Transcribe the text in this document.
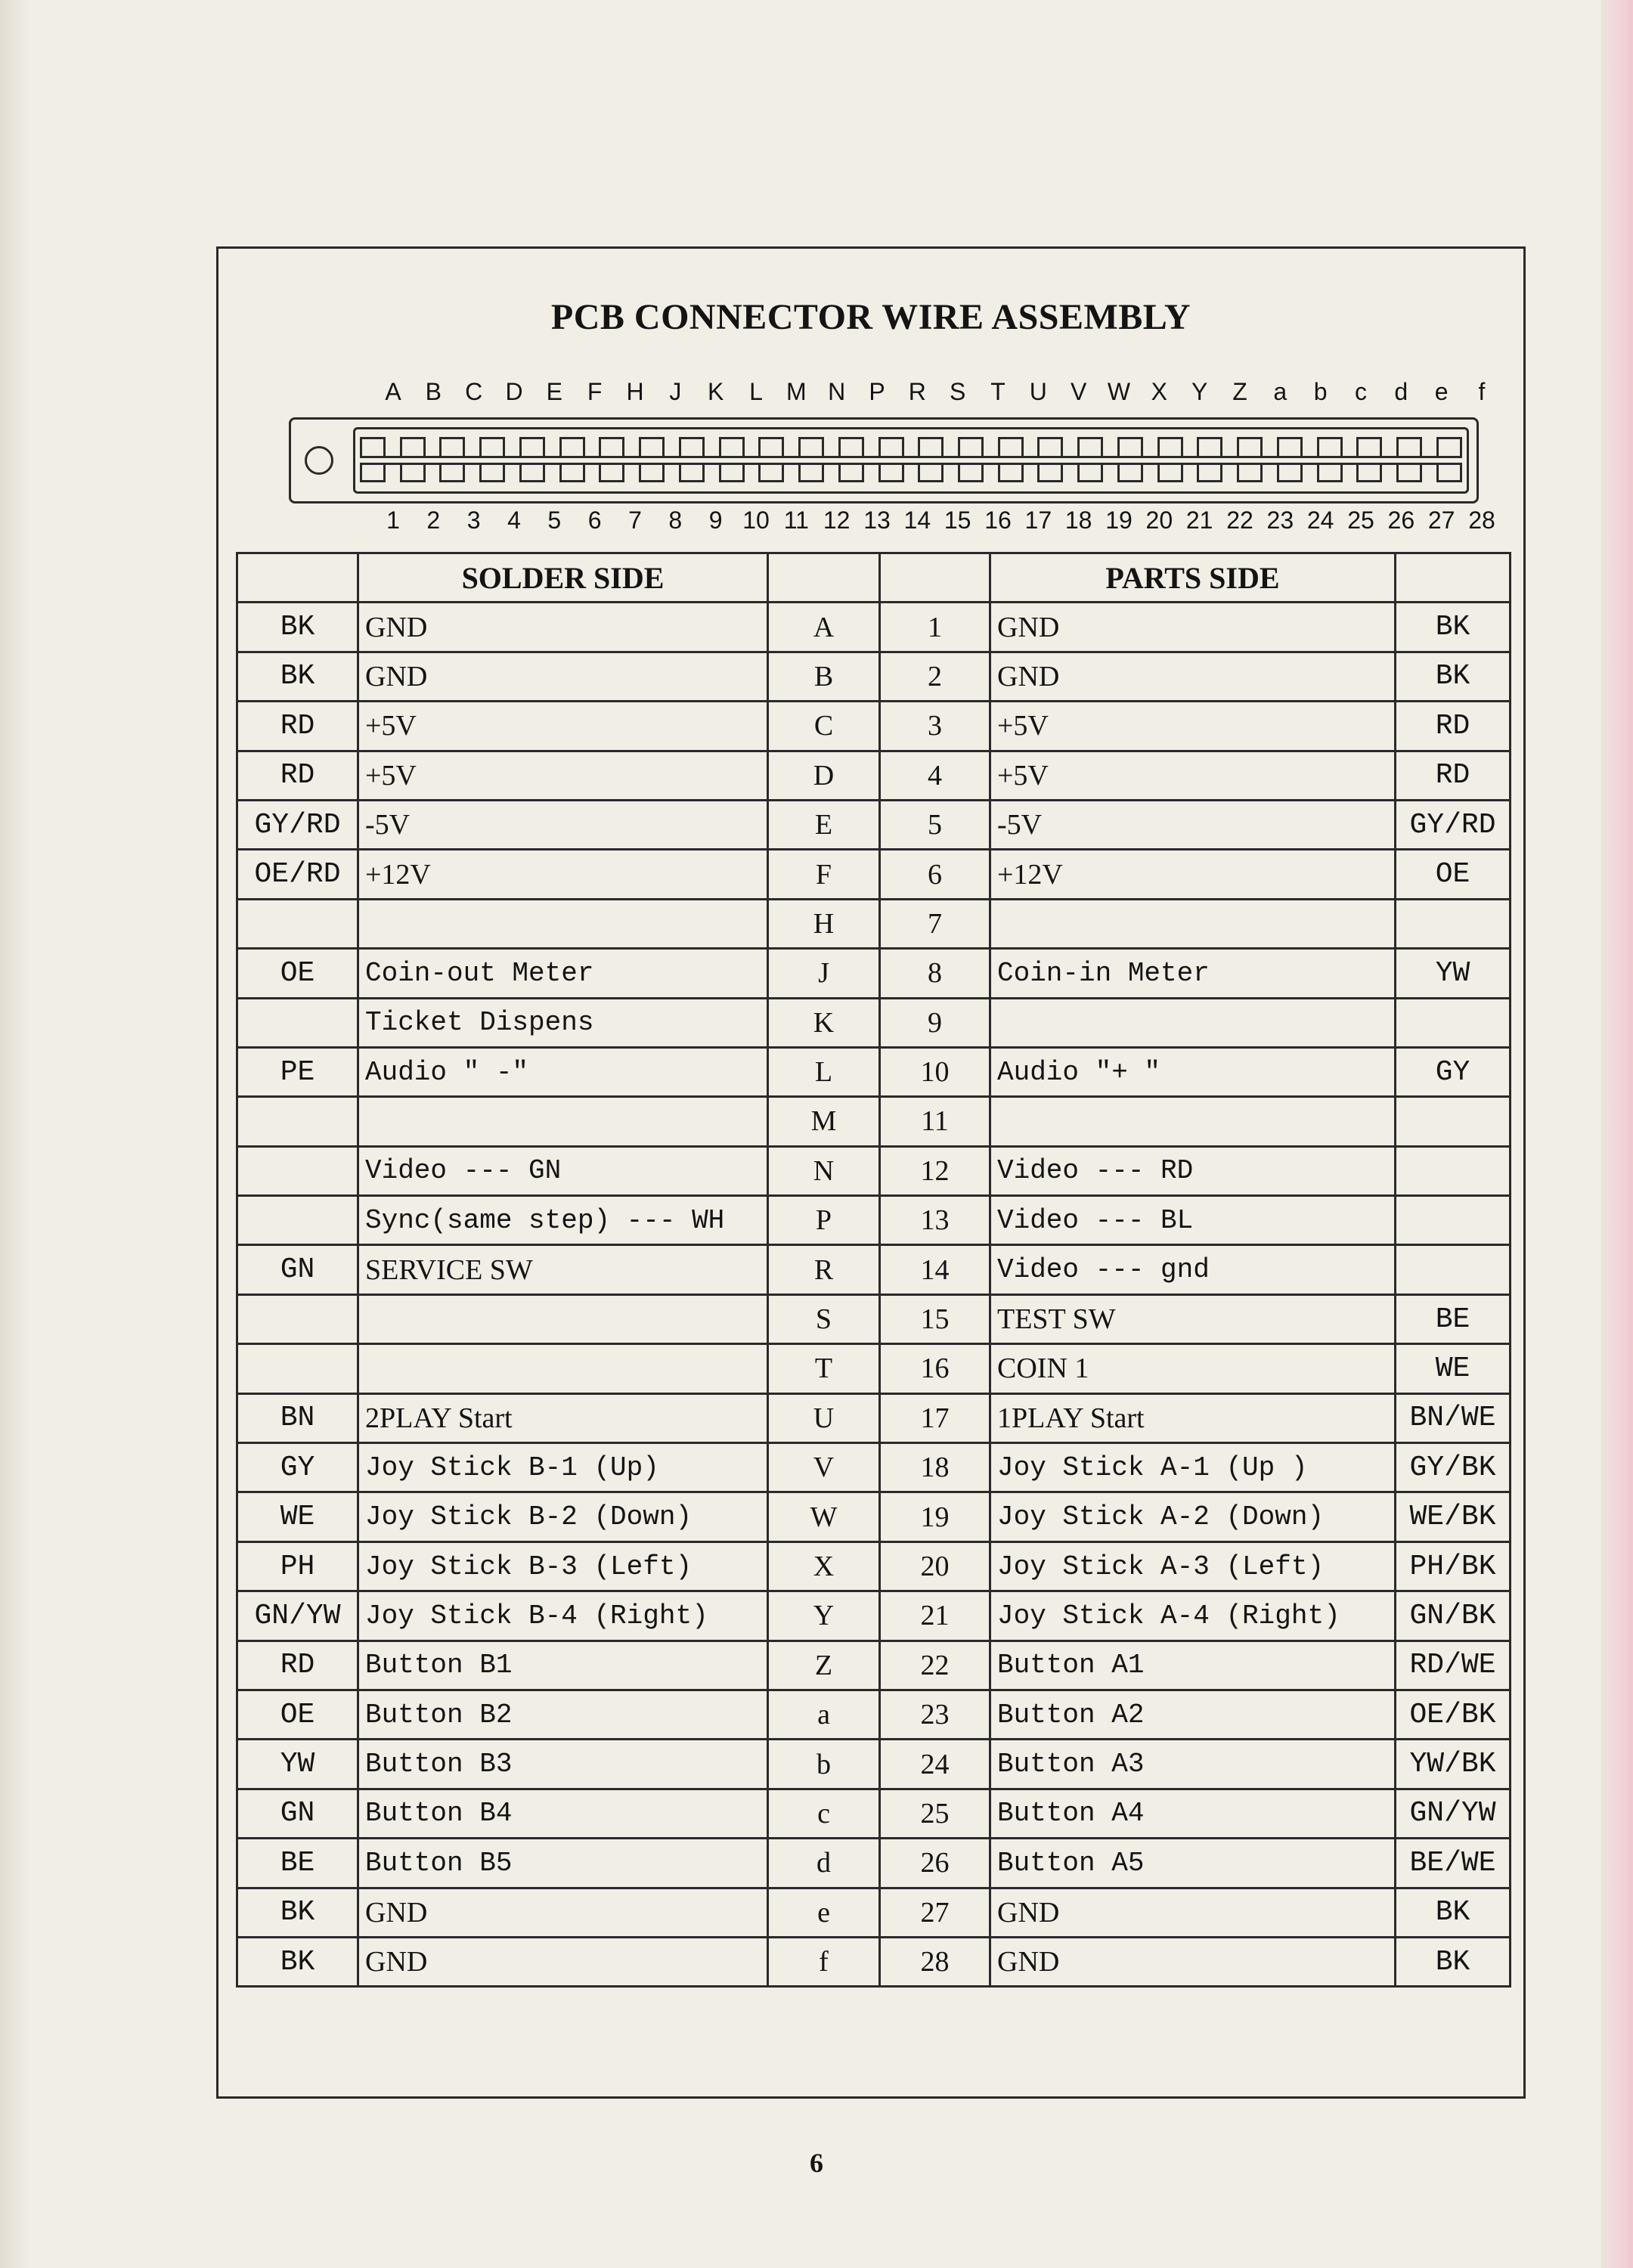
PCB CONNECTOR WIRE ASSEMBLY
A B C D E F H J K L M N P R S T U V W X Y Z a b c d e f
1 2 3 4 5 6 7 8 9 10 11 12 13 14 15 16 17 18 19 20 21 22 23 24 25 26 27 28
	SOLDER SIDE			PARTS SIDE	
BK	GND	A	1	GND	BK
BK	GND	B	2	GND	BK
RD	+5V	C	3	+5V	RD
RD	+5V	D	4	+5V	RD
GY/RD	-5V	E	5	-5V	GY/RD
OE/RD	+12V	F	6	+12V	OE
		H	7		
OE	Coin-out Meter	J	8	Coin-in Meter	YW
	Ticket Dispens	K	9		
PE	Audio " -"	L	10	Audio "+ "	GY
		M	11		
	Video --- GN	N	12	Video --- RD	
	Sync(same step) --- WH	P	13	Video --- BL	
GN	SERVICE SW	R	14	Video --- gnd	
		S	15	TEST SW	BE
		T	16	COIN 1	WE
BN	2PLAY Start	U	17	1PLAY Start	BN/WE
GY	Joy Stick B-1 (Up)	V	18	Joy Stick A-1 (Up )	GY/BK
WE	Joy Stick B-2 (Down)	W	19	Joy Stick A-2 (Down)	WE/BK
PH	Joy Stick B-3 (Left)	X	20	Joy Stick A-3 (Left)	PH/BK
GN/YW	Joy Stick B-4 (Right)	Y	21	Joy Stick A-4 (Right)	GN/BK
RD	Button B1	Z	22	Button A1	RD/WE
OE	Button B2	a	23	Button A2	OE/BK
YW	Button B3	b	24	Button A3	YW/BK
GN	Button B4	c	25	Button A4	GN/YW
BE	Button B5	d	26	Button A5	BE/WE
BK	GND	e	27	GND	BK
BK	GND	f	28	GND	BK
6
